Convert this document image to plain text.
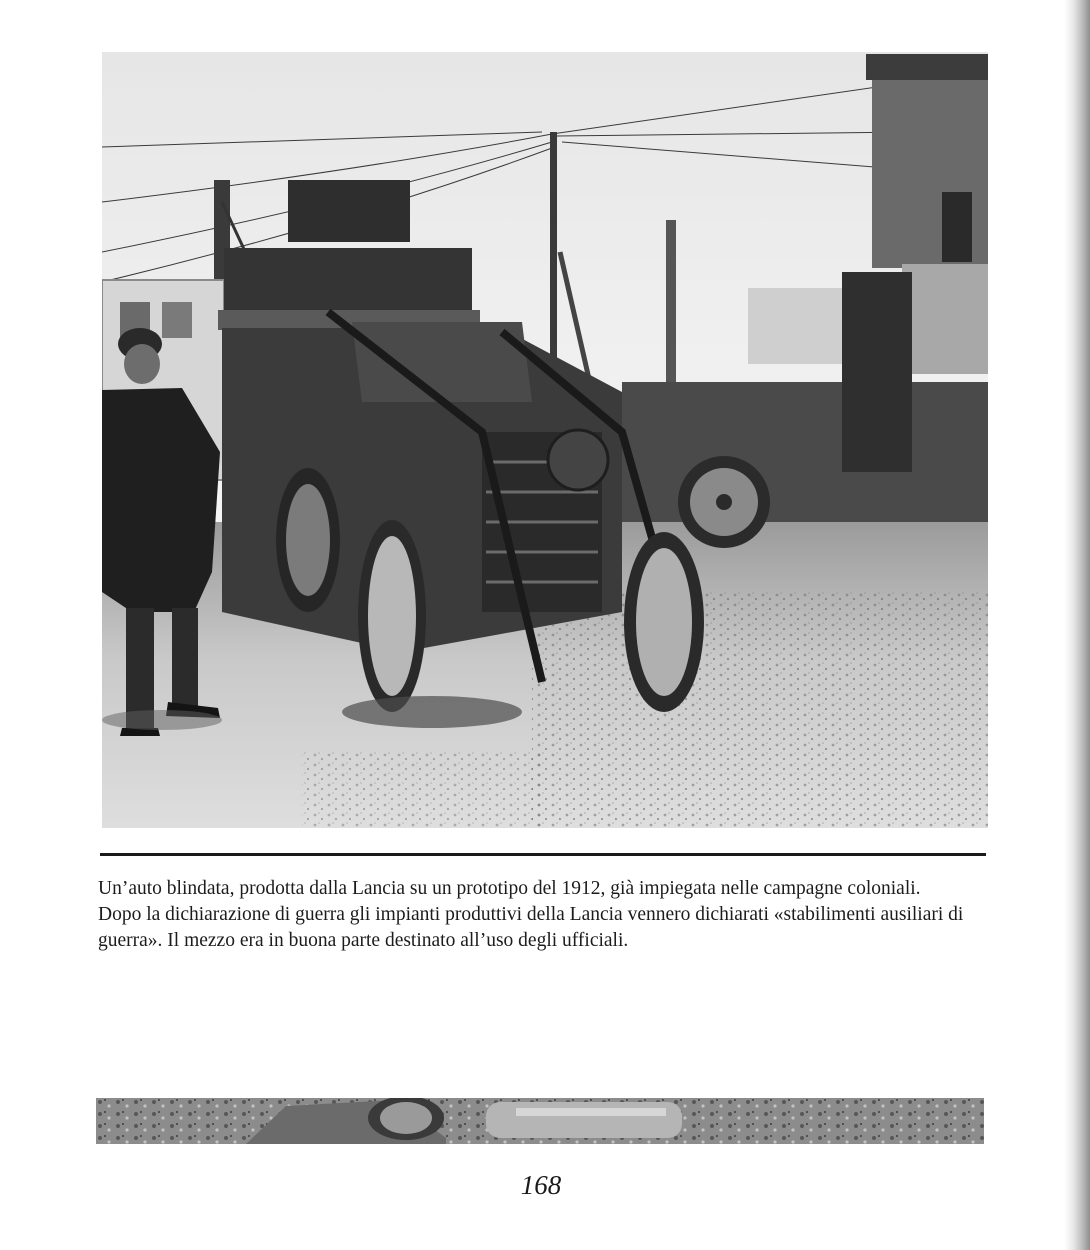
Un’auto blindata, prodotta dalla Lancia su un prototipo del 1912, già impiegata nelle campagne coloniali.
Dopo la dichiarazione di guerra gli impianti produttivi della Lancia vennero dichiarati «stabilimenti ausiliari di
guerra». Il mezzo era in buona parte destinato all’uso degli ufficiali.
168
